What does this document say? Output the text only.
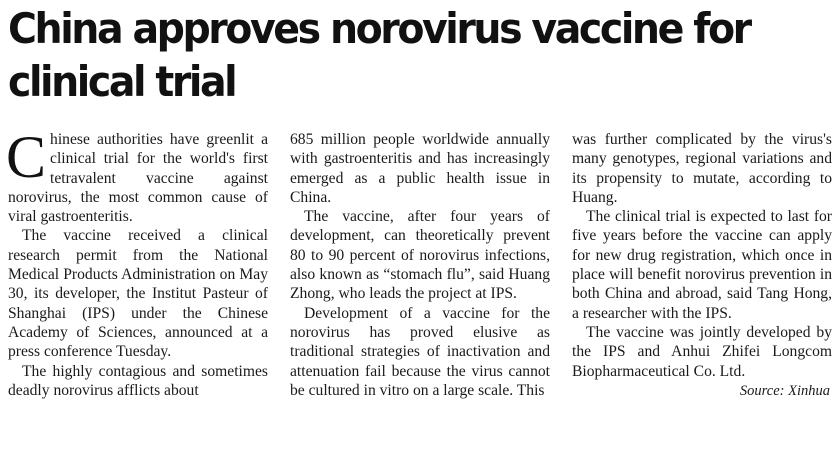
China approves norovirus vaccine for clinical trial

Chinese authorities have greenlit a clinical trial for the world's first tetravalent vaccine against norovirus, the most common cause of viral gastroenteritis.

The vaccine received a clinical research permit from the National Medical Products Administration on May 30, its developer, the Institut Pasteur of Shanghai (IPS) under the Chinese Academy of Sciences, announced at a press conference Tuesday.

The highly contagious and sometimes deadly norovirus afflicts about

685 million people worldwide annually with gastroenteritis and has increasingly emerged as a public health issue in China.

The vaccine, after four years of development, can theoretically prevent 80 to 90 percent of norovirus infections, also known as “stomach flu”, said Huang Zhong, who leads the project at IPS.

Development of a vaccine for the norovirus has proved elusive as traditional strategies of inactivation and attenuation fail because the virus cannot be cultured in vitro on a large scale. This

was further complicated by the virus's many genotypes, regional variations and its propensity to mutate, according to Huang.

The clinical trial is expected to last for five years before the vaccine can apply for new drug registration, which once in place will benefit norovirus prevention in both China and abroad, said Tang Hong, a researcher with the IPS.

The vaccine was jointly developed by the IPS and Anhui Zhifei Longcom Biopharmaceutical Co. Ltd.

Source: Xinhua
